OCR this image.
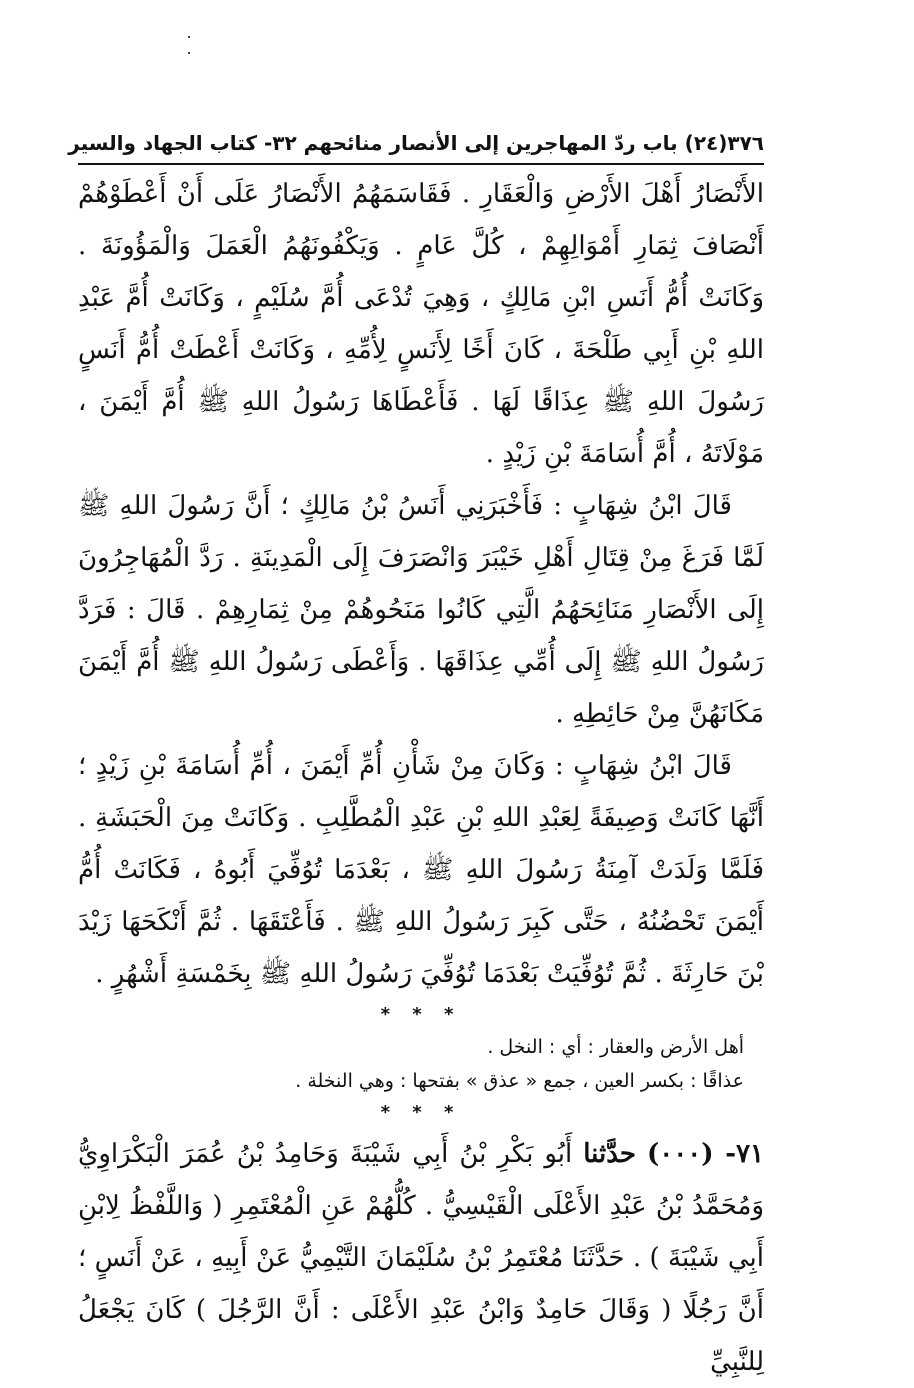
٣٧٦
(٢٤) باب ردّ المهاجرين إلى الأنصار منائحهم ٣٢- كتاب الجهاد والسير

الأَنْصَارُ أَهْلَ الأَرْضِ وَالْعَقَارِ . فَقَاسَمَهُمُ الأَنْصَارُ عَلَى أَنْ أَعْطَوْهُمْ أَنْصَافَ ثِمَارِ أَمْوَالِهِمْ ، كُلَّ عَامٍ . وَيَكْفُونَهُمُ الْعَمَلَ وَالْمَؤُونَةَ . وَكَانَتْ أُمُّ أَنَسِ ابْنِ مَالِكٍ ، وَهِيَ تُدْعَى أُمَّ سُلَيْمٍ ، وَكَانَتْ أُمَّ عَبْدِ اللهِ بْنِ أَبِي طَلْحَةَ ، كَانَ أَخًا لِأَنَسٍ لِأُمِّهِ ، وَكَانَتْ أَعْطَتْ أُمُّ أَنَسٍ رَسُولَ اللهِ ﷺ عِذَاقًا لَهَا . فَأَعْطَاهَا رَسُولُ اللهِ ﷺ أُمَّ أَيْمَنَ ، مَوْلَاتَهُ ، أُمَّ أُسَامَةَ بْنِ زَيْدٍ .

قَالَ ابْنُ شِهَابٍ : فَأَخْبَرَنِي أَنَسُ بْنُ مَالِكٍ ؛ أَنَّ رَسُولَ اللهِ ﷺ لَمَّا فَرَغَ مِنْ قِتَالِ أَهْلِ خَيْبَرَ وَانْصَرَفَ إِلَى الْمَدِينَةِ . رَدَّ الْمُهَاجِرُونَ إِلَى الأَنْصَارِ مَنَائِحَهُمُ الَّتِي كَانُوا مَنَحُوهُمْ مِنْ ثِمَارِهِمْ . قَالَ : فَرَدَّ رَسُولُ اللهِ ﷺ إِلَى أُمِّي عِذَاقَهَا . وَأَعْطَى رَسُولُ اللهِ ﷺ أُمَّ أَيْمَنَ مَكَانَهُنَّ مِنْ حَائِطِهِ .

قَالَ ابْنُ شِهَابٍ : وَكَانَ مِنْ شَأْنِ أُمِّ أَيْمَنَ ، أُمِّ أُسَامَةَ بْنِ زَيْدٍ ؛ أَنَّهَا كَانَتْ وَصِيفَةً لِعَبْدِ اللهِ بْنِ عَبْدِ الْمُطَّلِبِ . وَكَانَتْ مِنَ الْحَبَشَةِ . فَلَمَّا وَلَدَتْ آمِنَةُ رَسُولَ اللهِ ﷺ ، بَعْدَمَا تُوُفِّيَ أَبُوهُ ، فَكَانَتْ أُمُّ أَيْمَنَ تَحْضُنُهُ ، حَتَّى كَبِرَ رَسُولُ اللهِ ﷺ . فَأَعْتَقَهَا . ثُمَّ أَنْكَحَهَا زَيْدَ بْنَ حَارِثَةَ . ثُمَّ تُوُفِّيَتْ بَعْدَمَا تُوُفِّيَ رَسُولُ اللهِ ﷺ بِخَمْسَةِ أَشْهُرٍ .

* * *

أهل الأرض والعقار : أي : النخل .

عذاقًا : بكسر العين ، جمع « عذق » بفتحها : وهي النخلة .

* * *

٧١- (٠٠٠) حدَّثنا أَبُو بَكْرِ بْنُ أَبِي شَيْبَةَ وَحَامِدُ بْنُ عُمَرَ الْبَكْرَاوِيُّ وَمُحَمَّدُ بْنُ عَبْدِ الأَعْلَى الْقَيْسِيُّ . كُلُّهُمْ عَنِ الْمُعْتَمِرِ ( وَاللَّفْظُ لِابْنِ أَبِي شَيْبَةَ ) . حَدَّثَنَا مُعْتَمِرُ بْنُ سُلَيْمَانَ التَّيْمِيُّ عَنْ أَبِيهِ ، عَنْ أَنَسٍ ؛ أَنَّ رَجُلًا ( وَقَالَ حَامِدٌ وَابْنُ عَبْدِ الأَعْلَى : أَنَّ الرَّجُلَ ) كَانَ يَجْعَلُ لِلنَّبِيِّ
